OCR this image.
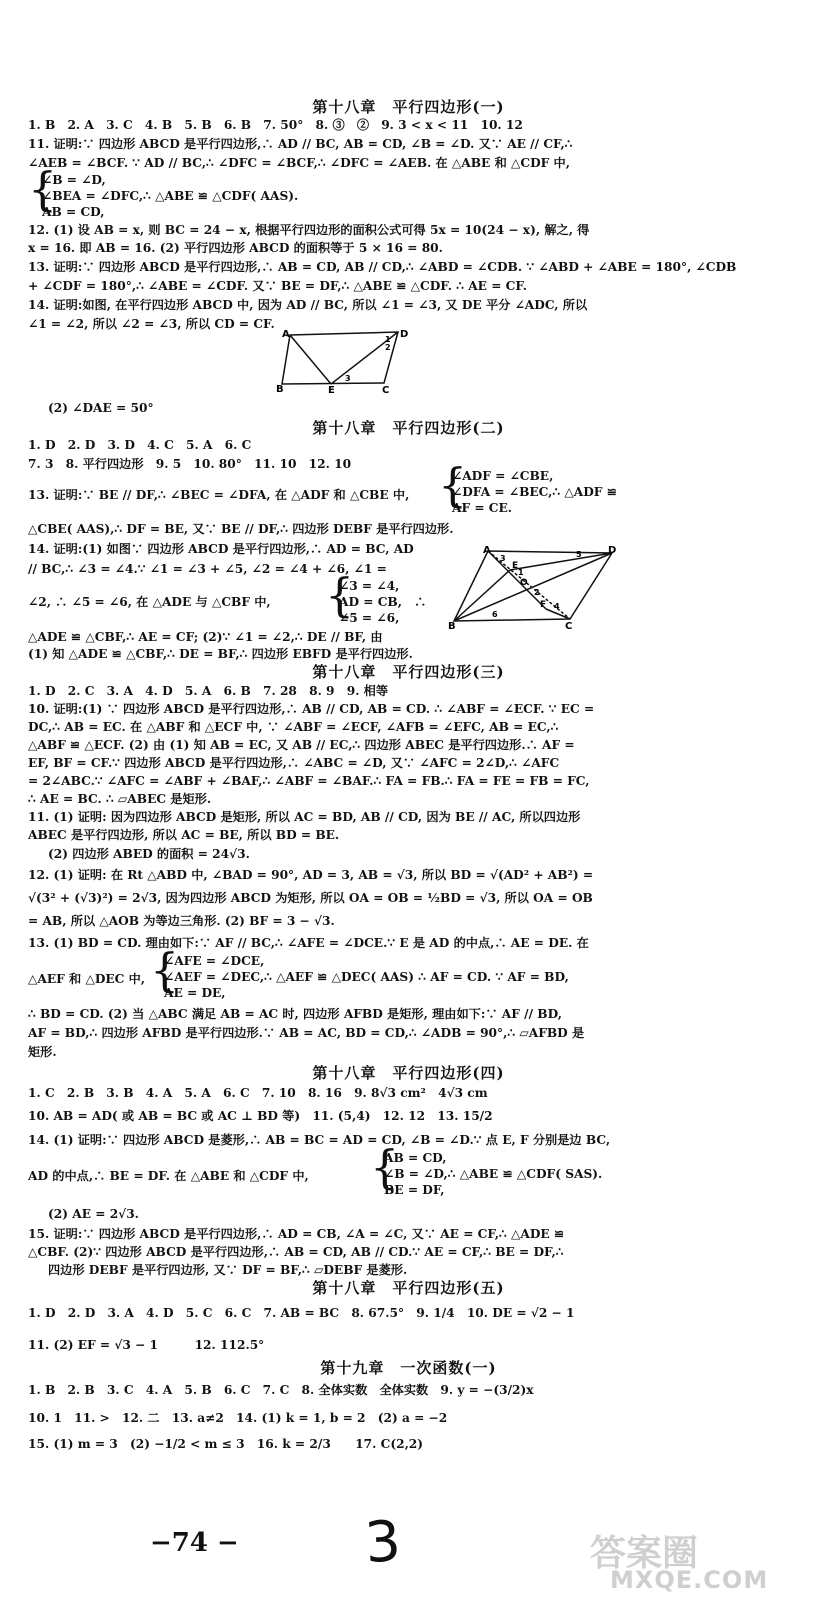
第十八章　平行四边形(一)
1. B　2. A　3. C　4. B　5. B　6. B　7. 50°　8. ③　②　9. 3 < x < 11　10. 12
11. 证明:∵ 四边形 ABCD 是平行四边形,∴ AD // BC, AB = CD, ∠B = ∠D. 又∵ AE // CF,∴
∠AEB = ∠BCF. ∵ AD // BC,∴ ∠DFC = ∠BCF,∴ ∠DFC = ∠AEB. 在 △ABE 和 △CDF 中,
{
∠B = ∠D,
∠BEA = ∠DFC,∴ △ABE ≌ △CDF( AAS).
AB = CD,
12. (1) 设 AB = x, 则 BC = 24 − x, 根据平行四边形的面积公式可得 5x = 10(24 − x), 解之, 得
x = 16. 即 AB = 16. (2) 平行四边形 ABCD 的面积等于 5 × 16 = 80.
13. 证明:∵ 四边形 ABCD 是平行四边形,∴ AB = CD, AB // CD,∴ ∠ABD = ∠CDB. ∵ ∠ABD + ∠ABE = 180°, ∠CDB
+ ∠CDF = 180°,∴ ∠ABE = ∠CDF. 又∵ BE = DF,∴ △ABE ≌ △CDF. ∴ AE = CF.
14. 证明:如图, 在平行四边形 ABCD 中, 因为 AD // BC, 所以 ∠1 = ∠3, 又 DE 平分 ∠ADC, 所以
∠1 = ∠2, 所以 ∠2 = ∠3, 所以 CD = CF.
A	D
B	E	C
1
2
3
(2) ∠DAE = 50°
第十八章　平行四边形(二)
1. D　2. D　3. D　4. C　5. A　6. C
7. 3　8. 平行四边形　9. 5　10. 80°　11. 10　12. 10
13. 证明:∵ BE // DF,∴ ∠BEC = ∠DFA, 在 △ADF 和 △CBE 中, {
∠ADF = ∠CBE,
∠DFA = ∠BEC,∴ △ADF ≌
AF = CE.
△CBE( AAS),∴ DF = BE, 又∵ BE // DF,∴ 四边形 DEBF 是平行四边形.
14. 证明:(1) 如图∵ 四边形 ABCD 是平行四边形,∴ AD = BC, AD
// BC,∴ ∠3 = ∠4.∵ ∠1 = ∠3 + ∠5, ∠2 = ∠4 + ∠6, ∠1 =
∠2, ∴ ∠5 = ∠6, 在 △ADE 与 △CBF 中,	{
∠3 = ∠4,
AD = CB,　∴
∠5 = ∠6,
△ADE ≌ △CBF,∴ AE = CF; (2)∵ ∠1 = ∠2,∴ DE // BF, 由
(1) 知 △ADE ≌ △CBF,∴ DE = BF,∴ 四边形 EBFD 是平行四边形.
A	D
B	C
E
F
O
1
2
3
4
5
6
第十八章　平行四边形(三)
1. D　2. C　3. A　4. D　5. A　6. B　7. 28　8. 9　9. 相等
10. 证明:(1) ∵ 四边形 ABCD 是平行四边形,∴ AB // CD, AB = CD. ∴ ∠ABF = ∠ECF. ∵ EC =
DC,∴ AB = EC. 在 △ABF 和 △ECF 中, ∵ ∠ABF = ∠ECF, ∠AFB = ∠EFC, AB = EC,∴
△ABF ≌ △ECF. (2) 由 (1) 知 AB = EC, 又 AB // EC,∴ 四边形 ABEC 是平行四边形.∴ AF =
EF, BF = CF.∵ 四边形 ABCD 是平行四边形,∴ ∠ABC = ∠D, 又∵ ∠AFC = 2∠D,∴ ∠AFC
= 2∠ABC.∵ ∠AFC = ∠ABF + ∠BAF,∴ ∠ABF = ∠BAF.∴ FA = FB.∴ FA = FE = FB = FC,
∴ AE = BC. ∴ ▱ABEC 是矩形.
11. (1) 证明: 因为四边形 ABCD 是矩形, 所以 AC = BD, AB // CD, 因为 BE // AC, 所以四边形
ABEC 是平行四边形, 所以 AC = BE, 所以 BD = BE.
(2) 四边形 ABED 的面积 = 24√3.
12. (1) 证明: 在 Rt △ABD 中, ∠BAD = 90°, AD = 3, AB = √3, 所以 BD = √(AD² + AB²) =
√(3² + (√3)²) = 2√3, 因为四边形 ABCD 为矩形, 所以 OA = OB = ½BD = √3, 所以 OA = OB
= AB, 所以 △AOB 为等边三角形. (2) BF = 3 − √3.
13. (1) BD = CD. 理由如下:∵ AF // BC,∴ ∠AFE = ∠DCE.∵ E 是 AD 的中点,∴ AE = DE. 在
△AEF 和 △DEC 中, {
∠AFE = ∠DCE,
∠AEF = ∠DEC,∴ △AEF ≌ △DEC( AAS) ∴ AF = CD. ∵ AF = BD,
AE = DE,
∴ BD = CD. (2) 当 △ABC 满足 AB = AC 时, 四边形 AFBD 是矩形, 理由如下:∵ AF // BD,
AF = BD,∴ 四边形 AFBD 是平行四边形.∵ AB = AC, BD = CD,∴ ∠ADB = 90°,∴ ▱AFBD 是
矩形.
第十八章　平行四边形(四)
1. C　2. B　3. B　4. A　5. A　6. C　7. 10　8. 16　9. 8√3 cm²　4√3 cm
10. AB = AD( 或 AB = BC 或 AC ⊥ BD 等)　11. (5,4)　12. 12　13. 15/2
14. (1) 证明:∵ 四边形 ABCD 是菱形,∴ AB = BC = AD = CD, ∠B = ∠D.∵ 点 E, F 分别是边 BC,
AD 的中点,∴ BE = DF. 在 △ABE 和 △CDF 中,	{
AB = CD,
∠B = ∠D,∴ △ABE ≌ △CDF( SAS).
BE = DF,
(2) AE = 2√3.
15. 证明:∵ 四边形 ABCD 是平行四边形,∴ AD = CB, ∠A = ∠C, 又∵ AE = CF,∴ △ADE ≌
△CBF. (2)∵ 四边形 ABCD 是平行四边形,∴ AB = CD, AB // CD.∵ AE = CF,∴ BE = DF,∴
四边形 DEBF 是平行四边形, 又∵ DF = BF,∴ ▱DEBF 是菱形.
第十八章　平行四边形(五)
1. D　2. D　3. A　4. D　5. C　6. C　7. AB = BC　8. 67.5°　9. 1/4　10. DE = √2 − 1
11. (2) EF = √3 − 1　　　12. 112.5°
第十九章　一次函数(一)
1. B　2. B　3. C　4. A　5. B　6. C　7. C　8. 全体实数　全体实数　9. y = −(3/2)x
10. 1　11. >　12. 二　13. a≠2　14. (1) k = 1, b = 2　(2) a = −2
15. (1) m = 3　(2) −1/2 < m ≤ 3　16. k = 2/3　　17. C(2,2)
−74 − 3	答案圈
MXQE.COM
